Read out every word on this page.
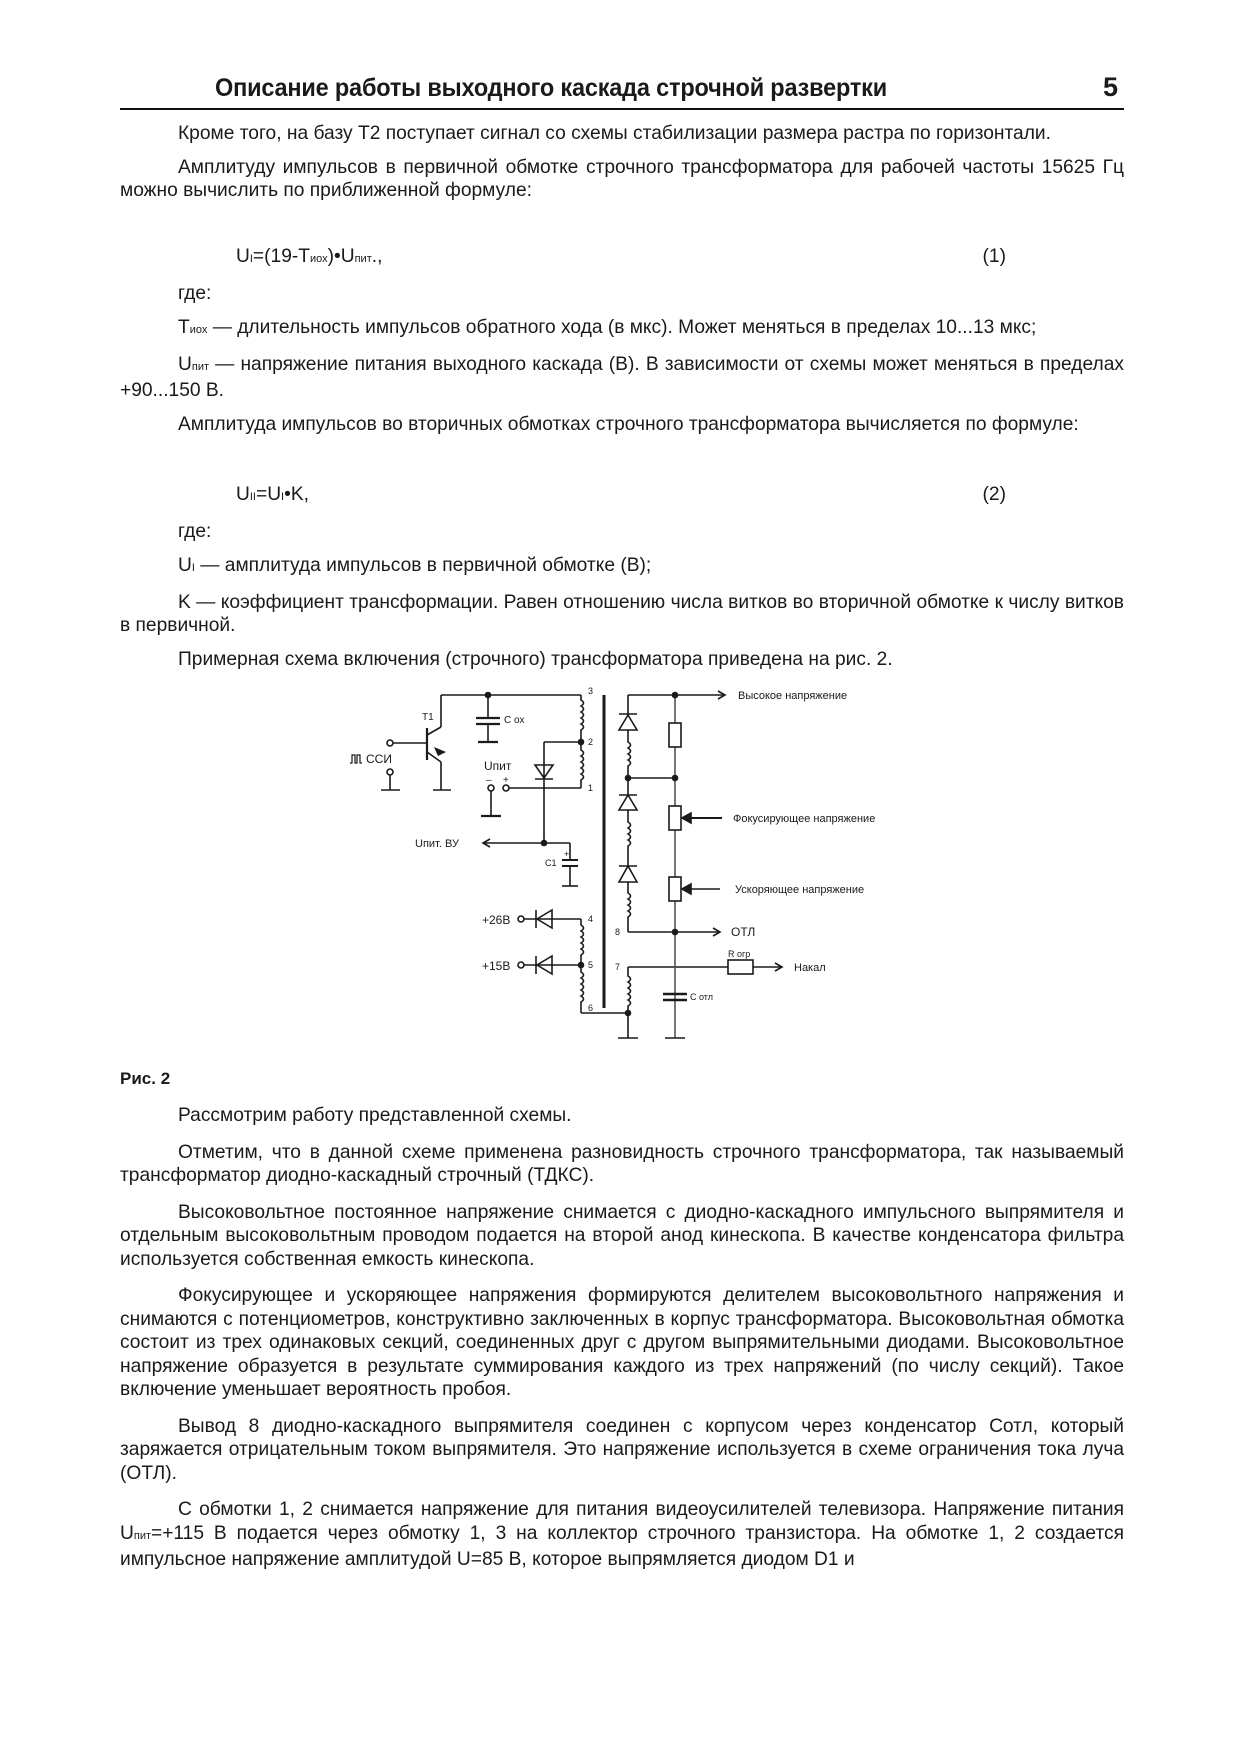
Описание работы выходного каскада строчной развертки	5

Кроме того, на базу Т2 поступает сигнал со схемы стабилизации размера растра по горизонтали.

Амплитуду импульсов в первичной обмотке строчного трансформатора для рабочей частоты 15625 Гц можно вычислить по приближенной формуле:

UI=(19-Tиох)•Uпит.,	(1)

где:

Tиох — длительность импульсов обратного хода (в мкс). Может меняться в пределах 10...13 мкс;

Uпит — напряжение питания выходного каскада (В). В зависимости от схемы может меняться в пределах +90...150 В.

Амплитуда импульсов во вторичных обмотках строчного трансформатора вычисляется по формуле:

UII=UI•K,	(2)

где:

UI — амплитуда импульсов в первичной обмотке (В);

K — коэффициент трансформации. Равен отношению числа витков во вторичной обмотке к числу витков в первичной.

Примерная схема включения (строчного) трансформатора приведена на рис. 2.

T1	C ох
ССИ	Uпит
– +
Uпит. ВУ
C1
+
+26В
+15В
3
2
1
4
5
6
8
7
Высокое напряжение
Фокусирующее напряжение
Ускоряющее напряжение
ОТЛ
R огр
Накал
C отл
Рис. 2

Рассмотрим работу представленной схемы.

Отметим, что в данной схеме применена разновидность строчного трансформатора, так называемый трансформатор диодно-каскадный строчный (ТДКС).

Высоковольтное постоянное напряжение снимается с диодно-каскадного импульсного выпрямителя и отдельным высоковольтным проводом подается на второй анод кинескопа. В качестве конденсатора фильтра используется собственная емкость кинескопа.

Фокусирующее и ускоряющее напряжения формируются делителем высоковольтного напряжения и снимаются с потенциометров, конструктивно заключенных в корпус трансформатора. Высоковольтная обмотка состоит из трех одинаковых секций, соединенных друг с другом выпрямительными диодами. Высоковольтное напряжение образуется в результате суммирования каждого из трех напряжений (по числу секций). Такое включение уменьшает вероятность пробоя.

Вывод 8 диодно-каскадного выпрямителя соединен с корпусом через конденсатор Сотл, который заряжается отрицательным током выпрямителя. Это напряжение используется в схеме ограничения тока луча (ОТЛ).

С обмотки 1, 2 снимается напряжение для питания видеоусилителей телевизора. Напряжение питания Uпит=+115 В подается через обмотку 1, 3 на коллектор строчного транзистора. На обмотке 1, 2 создается импульсное напряжение амплитудой U=85 В, которое выпрямляется диодом D1 и
